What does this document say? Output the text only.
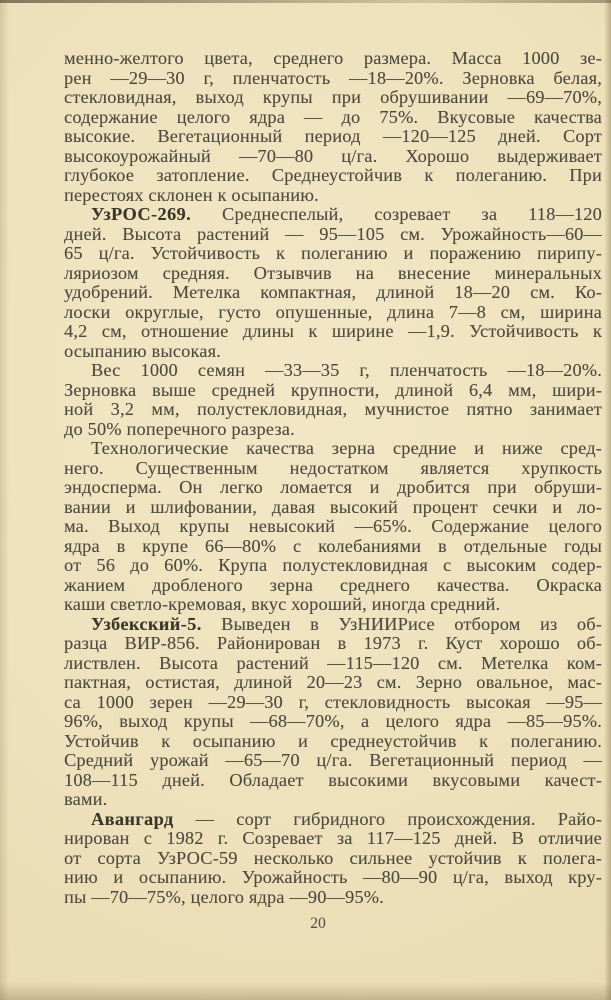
менно-желтого цвета, среднего размера. Масса 1000 зе-
рен —29—30 г, пленчатость —18—20%. Зерновка белая,
стекловидная, выход крупы при обрушивании —69—70%,
содержание целого ядра — до 75%. Вкусовые качества
высокие. Вегетационный период —120—125 дней. Сорт
высокоурожайный —70—80 ц/га. Хорошо выдерживает
глубокое затопление. Среднеустойчив к полеганию. При
перестоях склонен к осыпанию.
УзРОС-269. Среднеспелый, созревает за 118—120
дней. Высота растений — 95—105 см. Урожайность—60—
65 ц/га. Устойчивость к полеганию и поражению пирипу-
ляриозом средняя. Отзывчив на внесение минеральных
удобрений. Метелка компактная, длиной 18—20 см. Ко-
лоски округлые, густо опушенные, длина 7—8 см, ширина
4,2 см, отношение длины к ширине —1,9. Устойчивость к
осыпанию высокая.
Вес 1000 семян —33—35 г, пленчатость —18—20%.
Зерновка выше средней крупности, длиной 6,4 мм, шири-
ной 3,2 мм, полустекловидная, мучнистое пятно занимает
до 50% поперечного разреза.
Технологические качества зерна средние и ниже сред-
него. Существенным недостатком является хрупкость
эндосперма. Он легко ломается и дробится при обруши-
вании и шлифовании, давая высокий процент сечки и ло-
ма. Выход крупы невысокий —65%. Содержание целого
ядра в крупе 66—80% с колебаниями в отдельные годы
от 56 до 60%. Крупа полустекловидная с высоким содер-
жанием дробленого зерна среднего качества. Окраска
каши светло-кремовая, вкус хороший, иногда средний.
Узбекский-5. Выведен в УзНИИРисе отбором из об-
разца ВИР-856. Районирован в 1973 г. Куст хорошо об-
листвлен. Высота растений —115—120 см. Метелка ком-
пактная, остистая, длиной 20—23 см. Зерно овальное, мас-
са 1000 зерен —29—30 г, стекловидность высокая —95—
96%, выход крупы —68—70%, а целого ядра —85—95%.
Устойчив к осыпанию и среднеустойчив к полеганию.
Средний урожай —65—70 ц/га. Вегетационный период —
108—115 дней. Обладает высокими вкусовыми качест-
вами.
Авангард — сорт гибридного происхождения. Райо-
нирован с 1982 г. Созревает за 117—125 дней. В отличие
от сорта УзРОС-59 несколько сильнее устойчив к полега-
нию и осыпанию. Урожайность —80—90 ц/га, выход кру-
пы —70—75%, целого ядра —90—95%.
20
